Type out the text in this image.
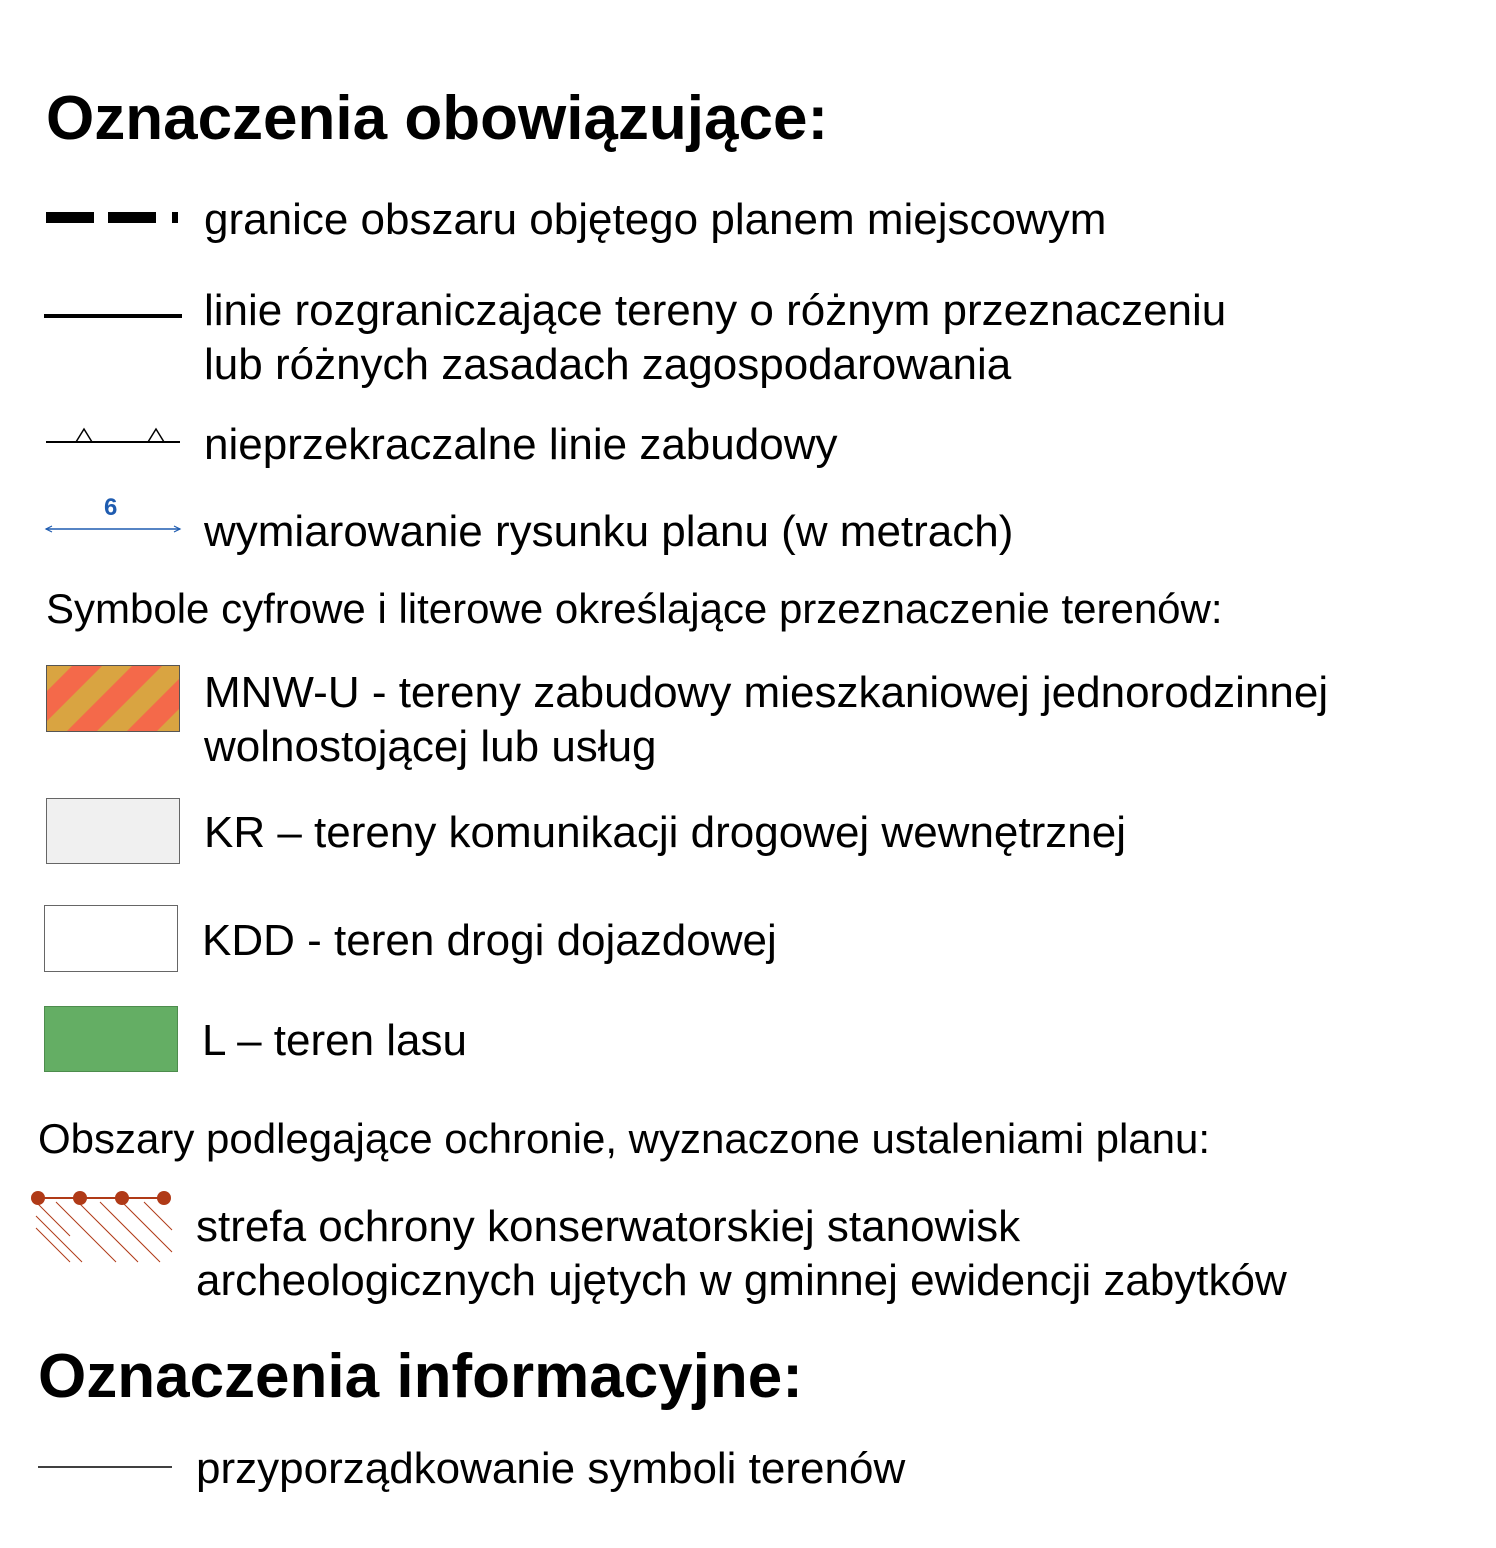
Oznaczenia obowiązujące:
granice obszaru objętego planem miejscowym
linie rozgraniczające tereny o różnym przeznaczeniu
lub różnych zasadach zagospodarowania
nieprzekraczalne linie zabudowy
6 wymiarowanie rysunku planu (w metrach)
Symbole cyfrowe i literowe określające przeznaczenie terenów:
MNW-U - tereny zabudowy mieszkaniowej jednorodzinnej
wolnostojącej lub usług
KR – tereny komunikacji drogowej wewnętrznej
KDD - teren drogi dojazdowej
L – teren lasu
Obszary podlegające ochronie, wyznaczone ustaleniami planu:
strefa ochrony konserwatorskiej stanowisk
archeologicznych ujętych w gminnej ewidencji zabytków
Oznaczenia informacyjne:
przyporządkowanie symboli terenów
